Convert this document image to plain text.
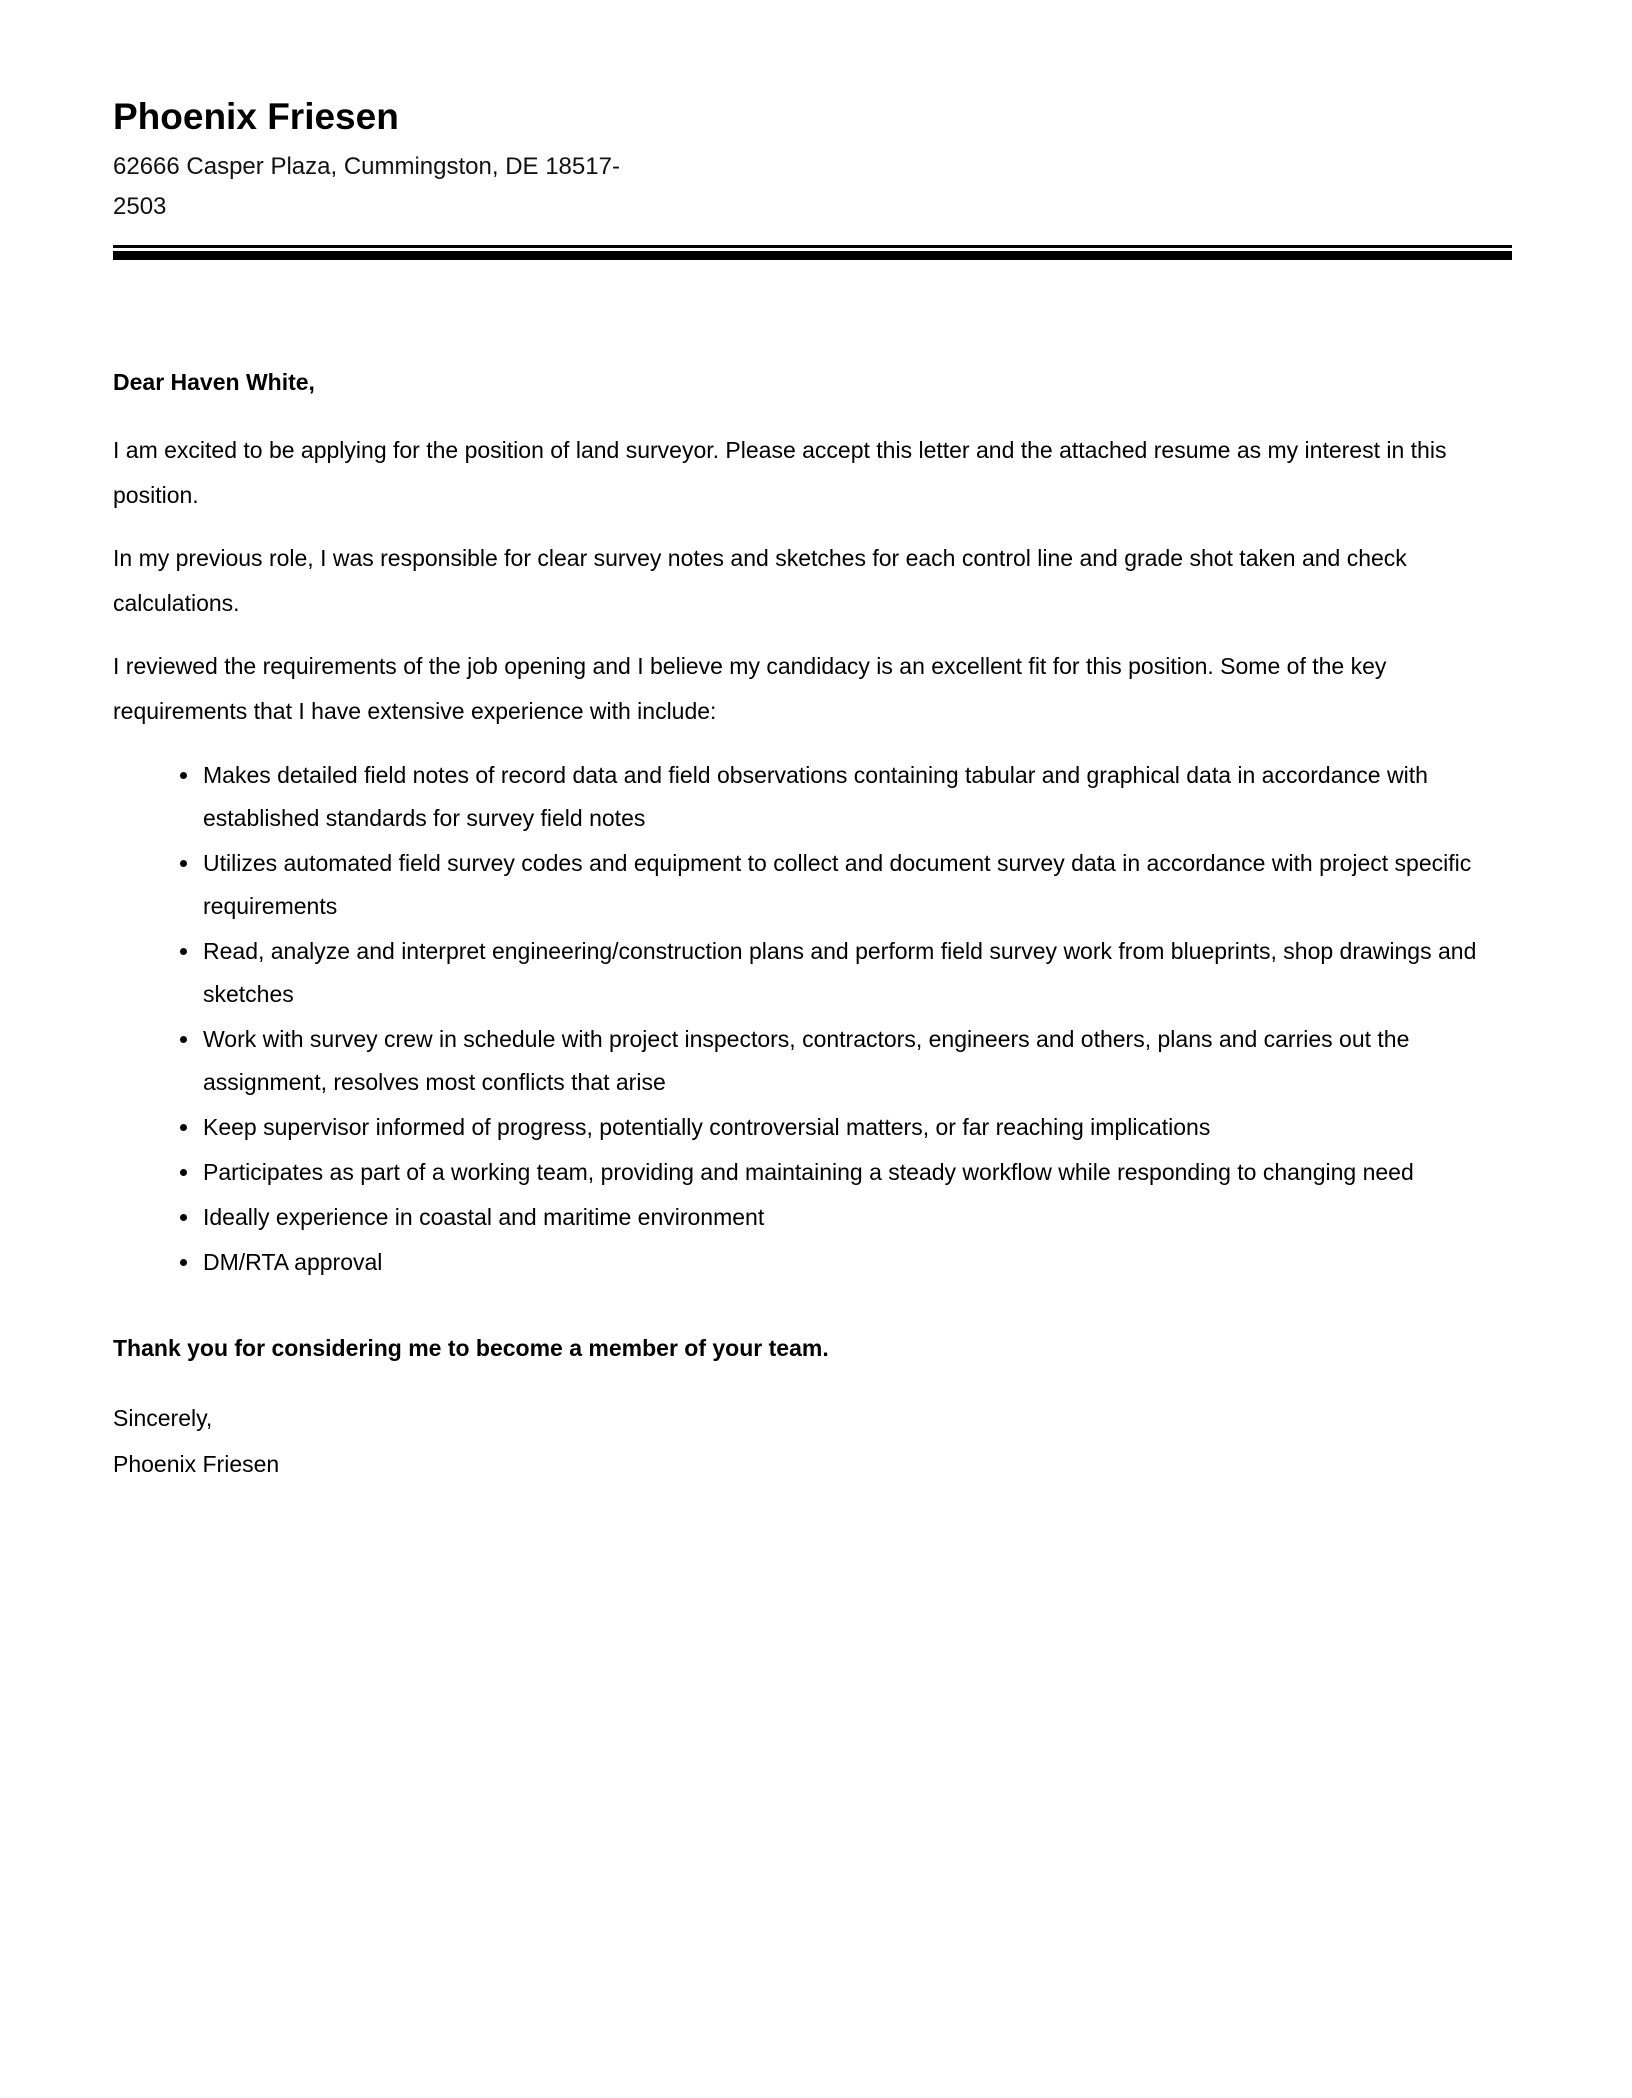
Phoenix Friesen
62666 Casper Plaza, Cummingston, DE 18517-
2503

Dear Haven White,

I am excited to be applying for the position of land surveyor. Please accept this letter and the attached resume as my interest in this position.

In my previous role, I was responsible for clear survey notes and sketches for each control line and grade shot taken and check calculations.

I reviewed the requirements of the job opening and I believe my candidacy is an excellent fit for this position. Some of the key requirements that I have extensive experience with include:

• Makes detailed field notes of record data and field observations containing tabular and graphical data in accordance with established standards for survey field notes
• Utilizes automated field survey codes and equipment to collect and document survey data in accordance with project specific requirements
• Read, analyze and interpret engineering/construction plans and perform field survey work from blueprints, shop drawings and sketches
• Work with survey crew in schedule with project inspectors, contractors, engineers and others, plans and carries out the assignment, resolves most conflicts that arise
• Keep supervisor informed of progress, potentially controversial matters, or far reaching implications
• Participates as part of a working team, providing and maintaining a steady workflow while responding to changing need
• Ideally experience in coastal and maritime environment
• DM/RTA approval

Thank you for considering me to become a member of your team.

Sincerely,
Phoenix Friesen
